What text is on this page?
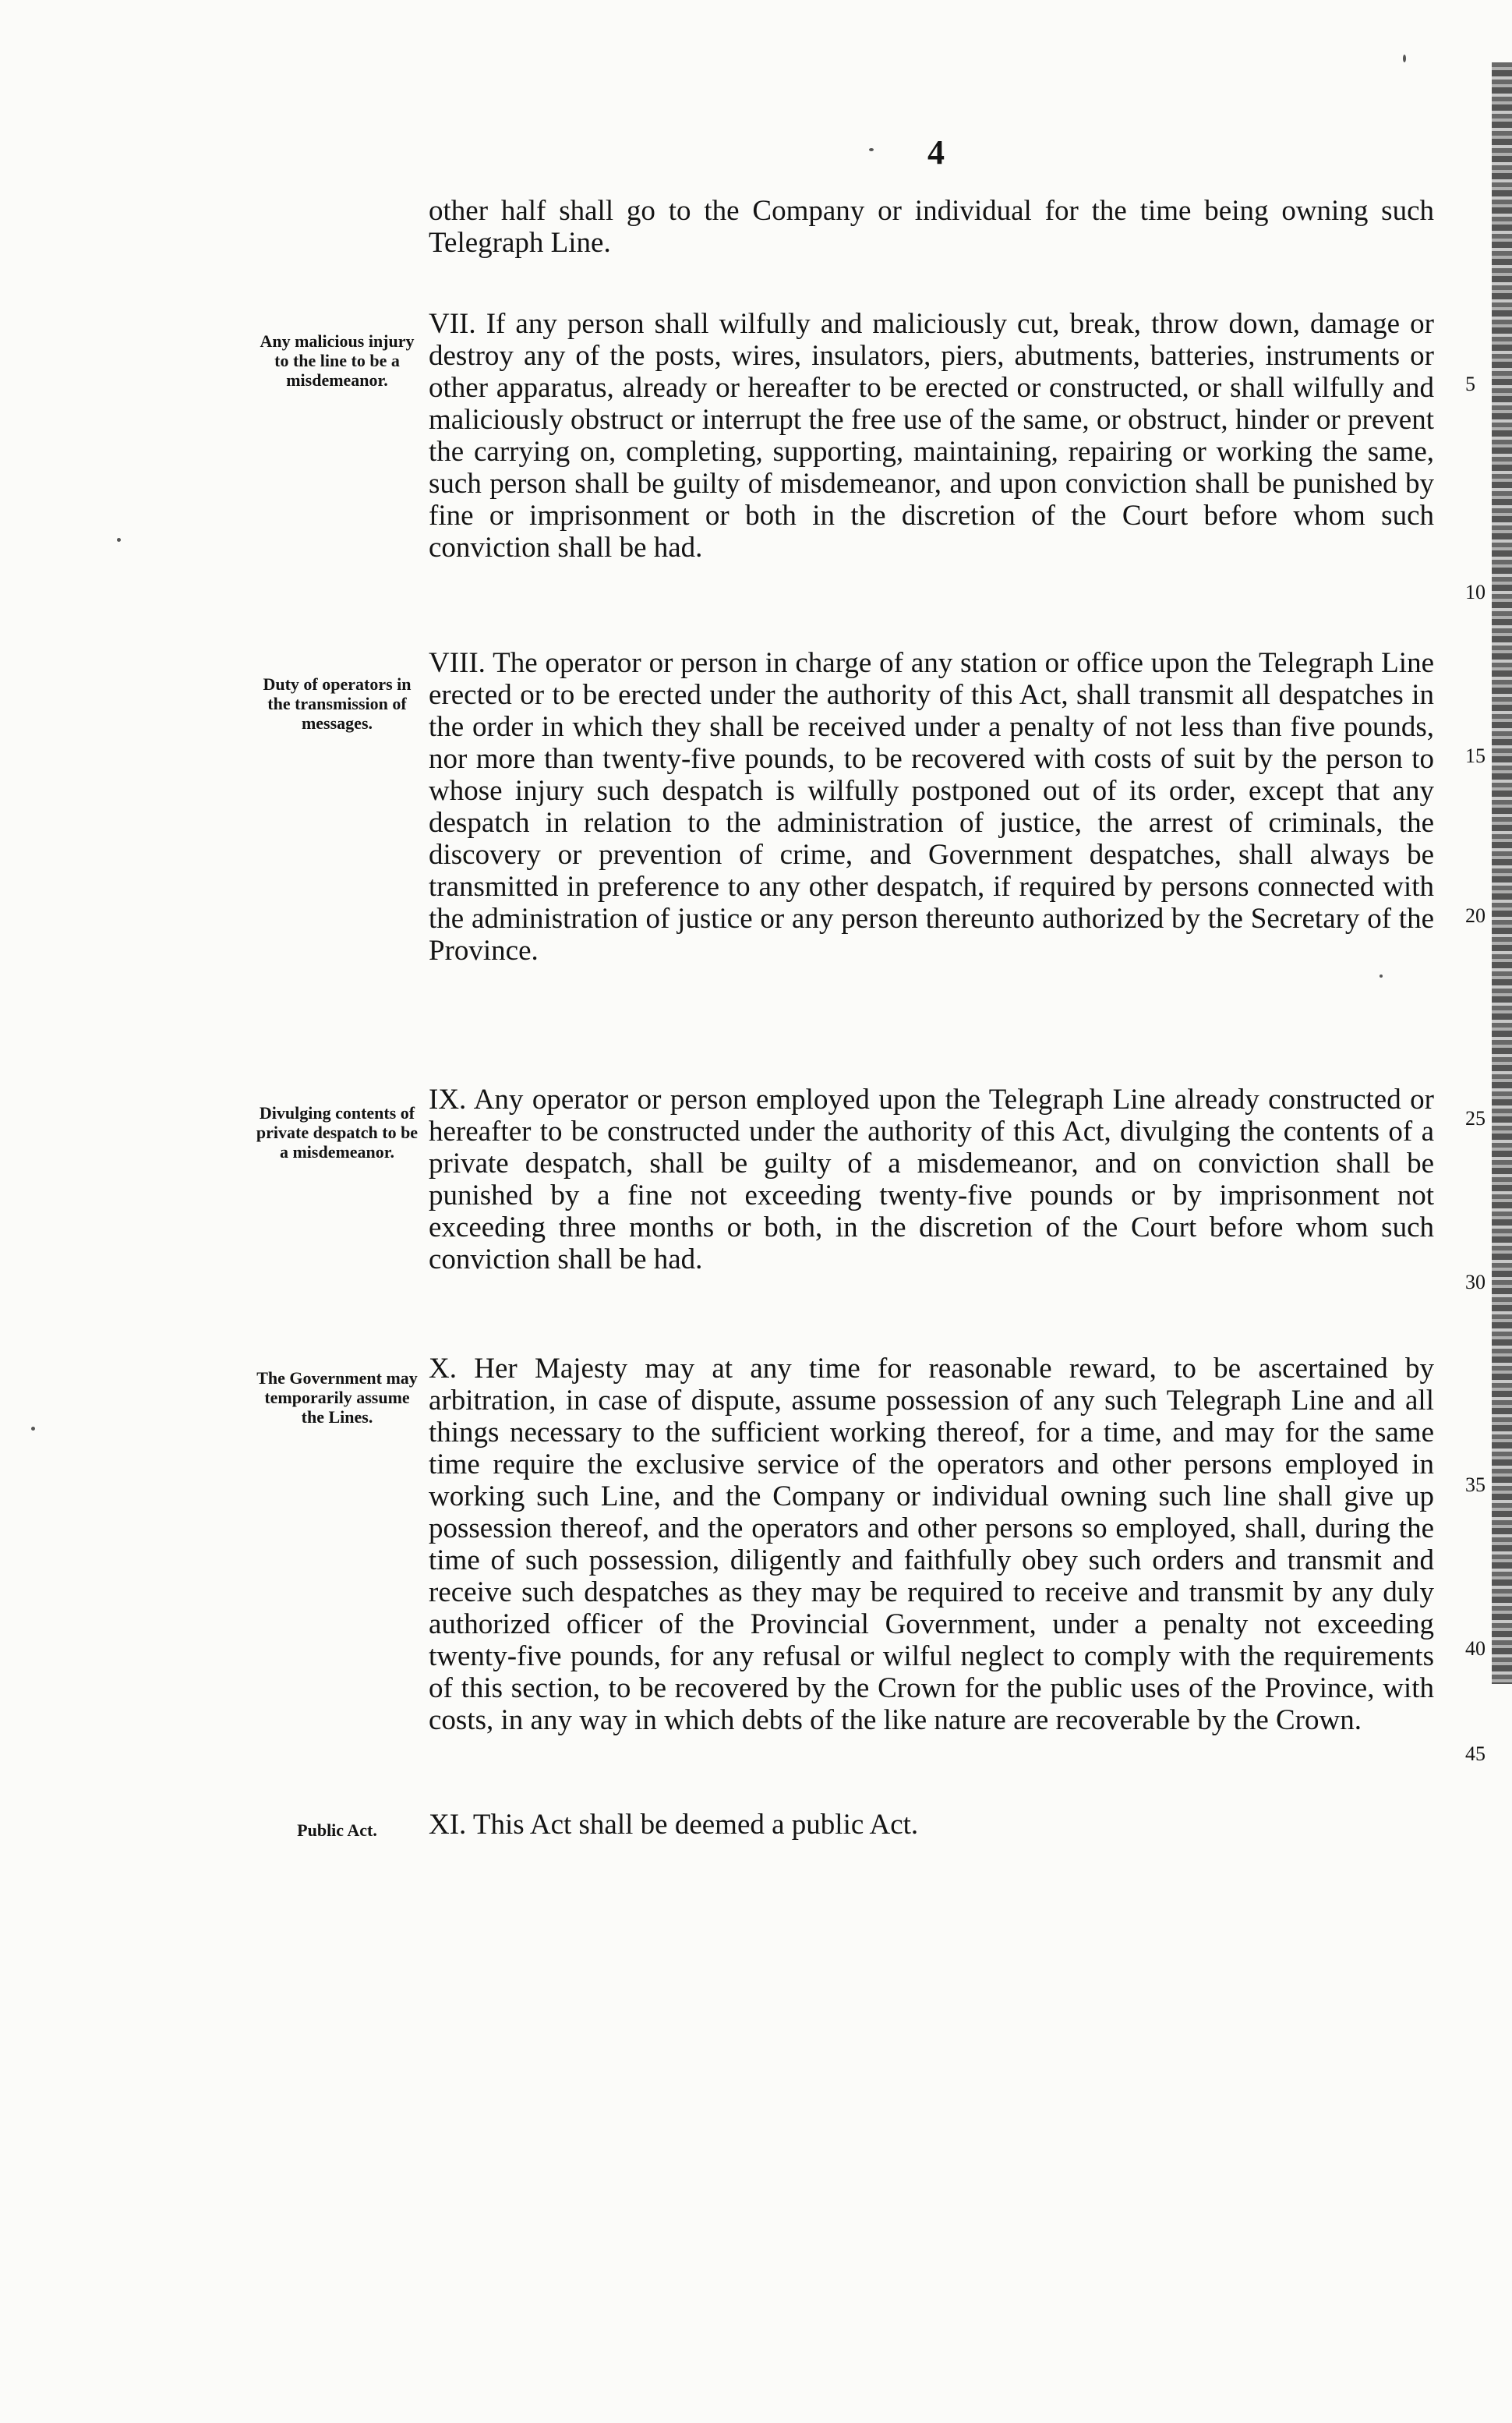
4
other half shall go to the Company or individual for the time being owning such Telegraph Line.
Any malicious injury to the line to be a misdemeanor.
VII. If any person shall wilfully and maliciously cut, break, throw down, damage or destroy any of the posts, wires, insulators, piers, abutments, batteries, instruments or other apparatus, already or hereafter to be erected or constructed, or shall wilfully and maliciously obstruct or interrupt the free use of the same, or obstruct, hinder or prevent the carrying on, completing, supporting, maintaining, repairing or working the same, such person shall be guilty of misdemeanor, and upon conviction shall be punished by fine or imprisonment or both in the discretion of the Court before whom such conviction shall be had.
Duty of operators in the transmission of messages.
VIII. The operator or person in charge of any station or office upon the Telegraph Line erected or to be erected under the authority of this Act, shall transmit all despatches in the order in which they shall be received under a penalty of not less than five pounds, nor more than twenty-five pounds, to be recovered with costs of suit by the person to whose injury such despatch is wilfully postponed out of its order, except that any despatch in relation to the administration of justice, the arrest of criminals, the discovery or prevention of crime, and Government despatches, shall always be transmitted in preference to any other despatch, if required by persons connected with the administration of justice or any person thereunto authorized by the Secretary of the Province.
Divulging contents of private despatch to be a misdemeanor.
IX. Any operator or person employed upon the Telegraph Line already constructed or hereafter to be constructed under the authority of this Act, divulging the contents of a private despatch, shall be guilty of a misdemeanor, and on conviction shall be punished by a fine not exceeding twenty-five pounds or by imprisonment not exceeding three months or both, in the discretion of the Court before whom such conviction shall be had.
The Government may temporarily assume the Lines.
X. Her Majesty may at any time for reasonable reward, to be ascertained by arbitration, in case of dispute, assume possession of any such Telegraph Line and all things necessary to the sufficient working thereof, for a time, and may for the same time require the exclusive service of the operators and other persons employed in working such Line, and the Company or individual owning such line shall give up possession thereof, and the operators and other persons so employed, shall, during the time of such possession, diligently and faithfully obey such orders and transmit and receive such despatches as they may be required to receive and transmit by any duly authorized officer of the Provincial Government, under a penalty not exceeding twenty-five pounds, for any refusal or wilful neglect to comply with the requirements of this section, to be recovered by the Crown for the public uses of the Province, with costs, in any way in which debts of the like nature are recoverable by the Crown.
Public Act.	XI. This Act shall be deemed a public Act.
5
10
15
20
25
30
35
40
45
